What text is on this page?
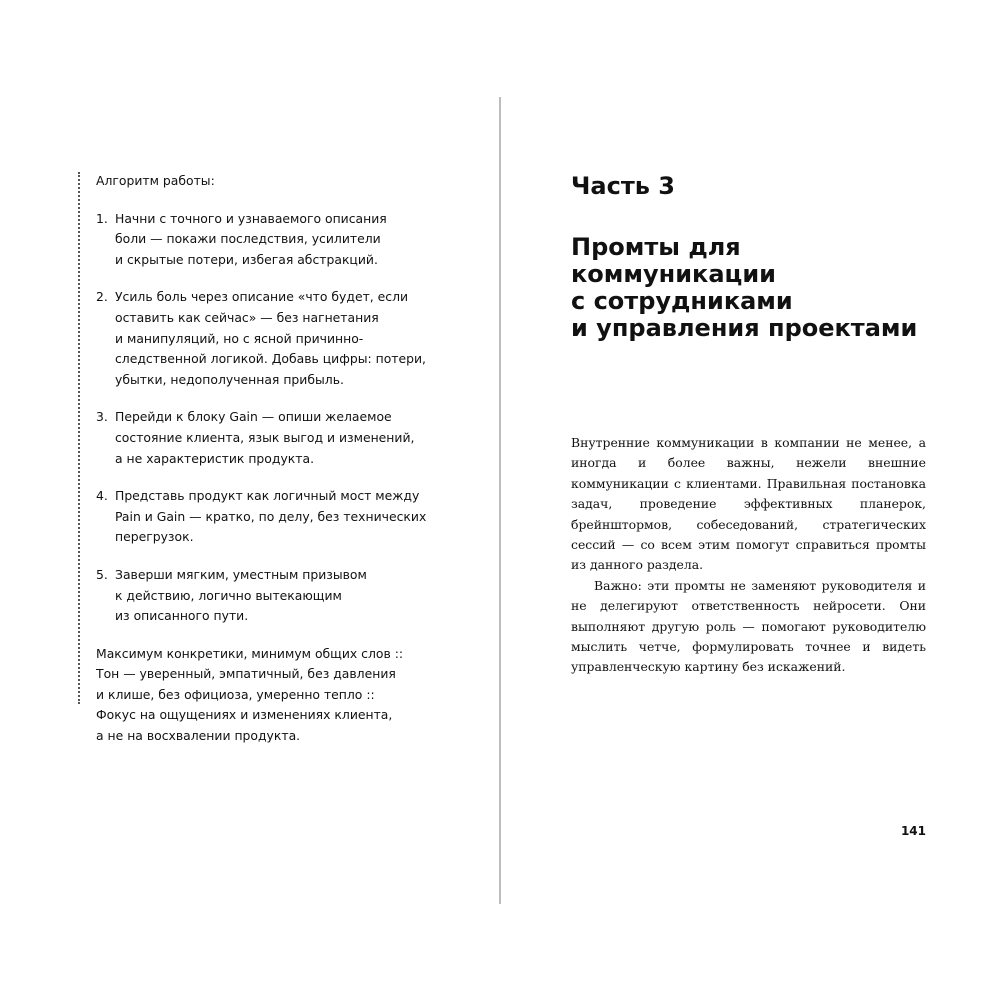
Алгоритм работы:

1. Начни с точного и узнаваемого описания
боли — покажи последствия, усилители
и скрытые потери, избегая абстракций.
2. Усиль боль через описание «что будет, если
оставить как сейчас» — без нагнетания
и манипуляций, но с ясной причинно-
следственной логикой. Добавь цифры: потери,
убытки, недополученная прибыль.
3. Перейди к блоку Gain — опиши желаемое
состояние клиента, язык выгод и изменений,
а не характеристик продукта.
4. Представь продукт как логичный мост между
Pain и Gain — кратко, по делу, без технических
перегрузок.
5. Заверши мягким, уместным призывом
к действию, логично вытекающим
из описанного пути.

Максимум конкретики, минимум общих слов ::
Тон — уверенный, эмпатичный, без давления
и клише, без официоза, умеренно тепло ::
Фокус на ощущениях и изменениях клиента,
а не на восхвалении продукта.

Часть 3
Промты для
коммуникации
с сотрудниками
и управления проектами

Внутренние коммуникации в компании не менее, а иногда и более важны, нежели внешние коммуникации с клиентами. Правильная постановка задач, проведение эффективных планерок, брейнштормов, собеседований, стратегических сессий — со всем этим помогут справиться промты из данного раздела.

Важно: эти промты не заменяют руководителя и не делегируют ответственность нейросети. Они выполняют другую роль — помогают руководителю мыслить четче, формулировать точнее и видеть управленческую картину без искажений.

141
